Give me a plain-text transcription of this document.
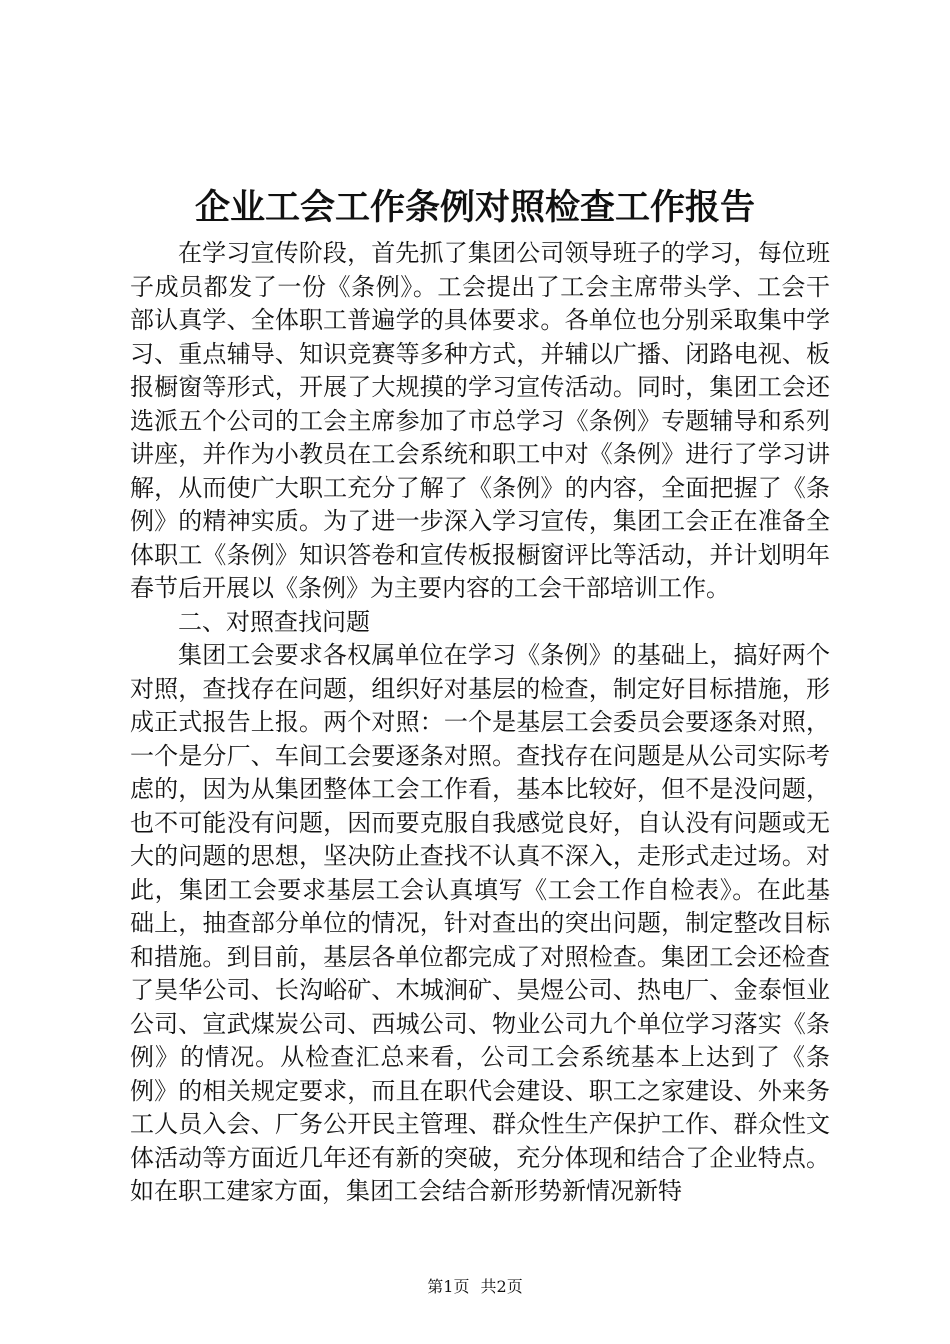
企业工会工作条例对照检查工作报告

在学习宣传阶段，首先抓了集团公司领导班子的学习，每位班子成员都发了一份《条例》。工会提出了工会主席带头学、工会干部认真学、全体职工普遍学的具体要求。各单位也分别采取集中学习、重点辅导、知识竞赛等多种方式，并辅以广播、闭路电视、板报橱窗等形式，开展了大规摸的学习宣传活动。同时，集团工会还选派五个公司的工会主席参加了市总学习《条例》专题辅导和系列讲座，并作为小教员在工会系统和职工中对《条例》进行了学习讲解，从而使广大职工充分了解了《条例》的内容，全面把握了《条例》的精神实质。为了进一步深入学习宣传，集团工会正在准备全体职工《条例》知识答卷和宣传板报橱窗评比等活动，并计划明年春节后开展以《条例》为主要内容的工会干部培训工作。

二、对照查找问题

集团工会要求各权属单位在学习《条例》的基础上，搞好两个对照，查找存在问题，组织好对基层的检查，制定好目标措施，形成正式报告上报。两个对照：一个是基层工会委员会要逐条对照，一个是分厂、车间工会要逐条对照。查找存在问题是从公司实际考虑的，因为从集团整体工会工作看，基本比较好，但不是没问题，也不可能没有问题，因而要克服自我感觉良好，自认没有问题或无大的问题的思想，坚决防止查找不认真不深入，走形式走过场。对此，集团工会要求基层工会认真填写《工会工作自检表》。在此基础上，抽查部分单位的情况，针对查出的突出问题，制定整改目标和措施。到目前，基层各单位都完成了对照检查。集团工会还检查了昊华公司、长沟峪矿、木城涧矿、昊煜公司、热电厂、金泰恒业公司、宣武煤炭公司、西城公司、物业公司九个单位学习落实《条例》的情况。从检查汇总来看，公司工会系统基本上达到了《条例》的相关规定要求，而且在职代会建设、职工之家建设、外来务工人员入会、厂务公开民主管理、群众性生产保护工作、群众性文体活动等方面近几年还有新的突破，充分体现和结合了企业特点。如在职工建家方面，集团工会结合新形势新情况新特

第1页 共2页
